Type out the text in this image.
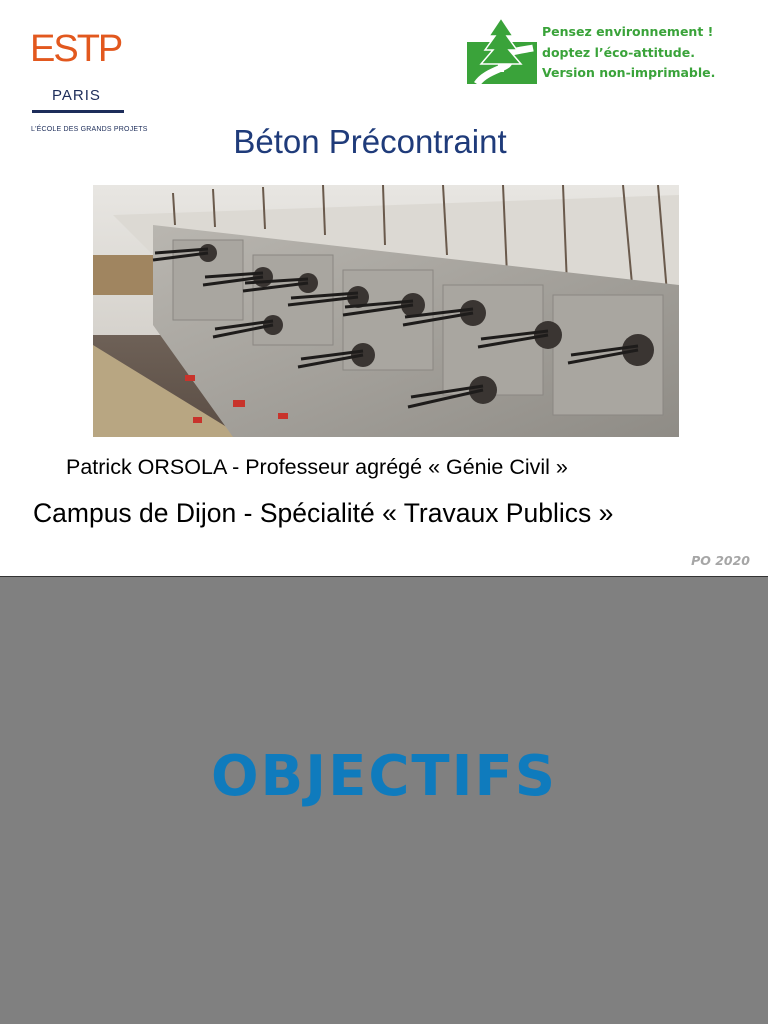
ESTP
PARIS
L'ÉCOLE DES GRANDS PROJETS
Pensez environnement !
doptez l’éco-attitude.
Version non-imprimable.
Béton Précontraint
Patrick ORSOLA - Professeur agrégé « Génie Civil »
Campus de Dijon - Spécialité « Travaux Publics »
PO 2020
OBJECTIFS
